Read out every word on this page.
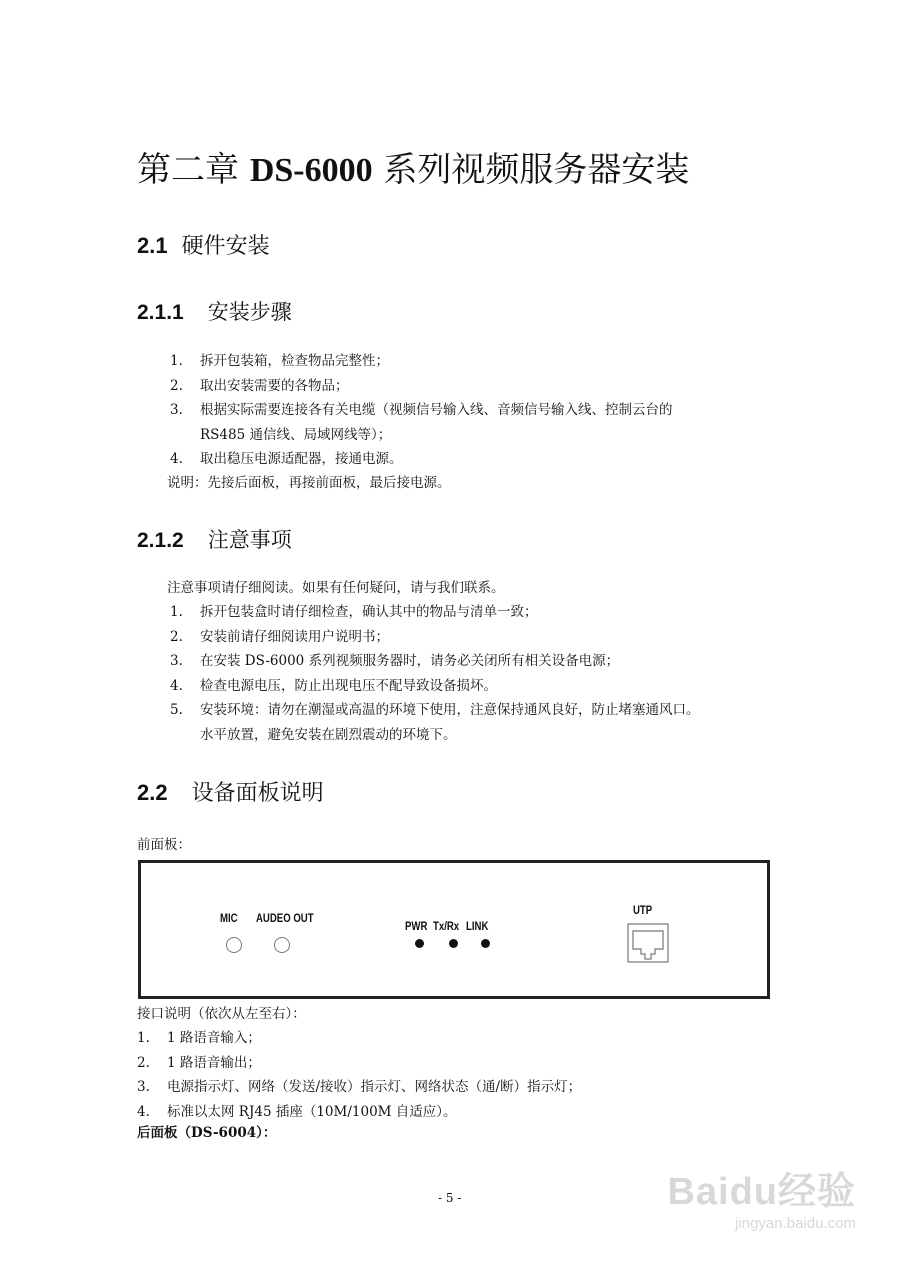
第二章 DS-6000 系列视频服务器安装
2.1 硬件安装
2.1.1 安装步骤
1. 拆开包装箱，检查物品完整性；
2. 取出安装需要的各物品；
3. 根据实际需要连接各有关电缆（视频信号输入线、音频信号输入线、控制云台的
RS485 通信线、局域网线等）；
4. 取出稳压电源适配器，接通电源。
说明：先接后面板，再接前面板，最后接电源。
2.1.2 注意事项
注意事项请仔细阅读。如果有任何疑问，请与我们联系。
1. 拆开包装盒时请仔细检查，确认其中的物品与清单一致；
2. 安装前请仔细阅读用户说明书；
3. 在安装 DS-6000 系列视频服务器时，请务必关闭所有相关设备电源；
4. 检查电源电压，防止出现电压不配导致设备损坏。
5. 安装环境：请勿在潮湿或高温的环境下使用，注意保持通风良好，防止堵塞通风口。
水平放置，避免安装在剧烈震动的环境下。
2.2 设备面板说明
前面板：
MIC AUDEO OUT
PWR Tx/Rx LINK
UTP
接口说明（依次从左至右）：
1. 1 路语音输入；
2. 1 路语音输出；
3. 电源指示灯、网络（发送/接收）指示灯、网络状态（通/断）指示灯；
4. 标准以太网 RJ45 插座（10M/100M 自适应）。
后面板（DS-6004）：
- 5 -	Baidu经验
jingyan.baidu.com
